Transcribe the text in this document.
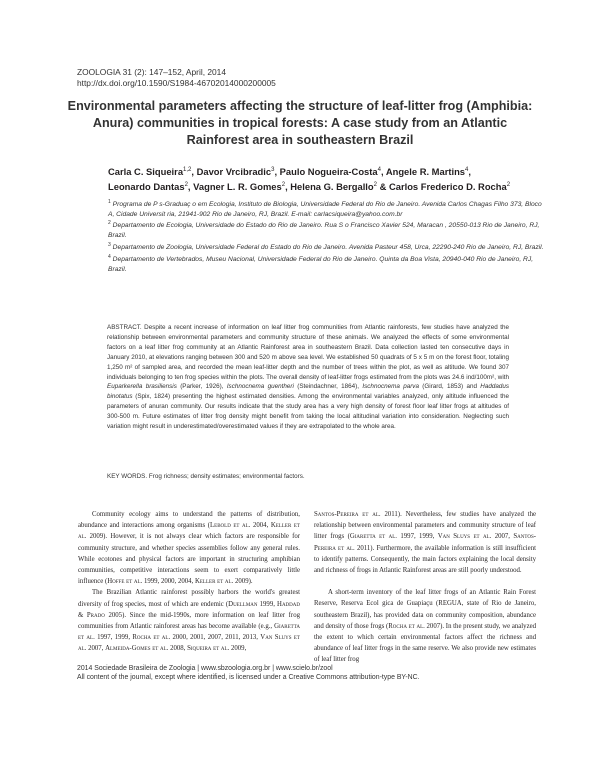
ZOOLOGIA 31 (2): 147–152, April, 2014
http://dx.doi.org/10.1590/S1984-46702014000200005
Environmental parameters affecting the structure of leaf-litter frog (Amphibia: Anura) communities in tropical forests: A case study from an Atlantic Rainforest area in southeastern Brazil
Carla C. Siqueira$^{1,2}$, Davor Vrcibradic$^3$, Paulo Nogueira-Costa$^4$, Angele R. Martins$^4$, Leonardo Dantas$^2$, Vagner L. R. Gomes$^2$, Helena G. Bergallo$^2$ & Carlos Frederico D. Rocha$^2$

$^1$ Programa de P s-Graduaç o em Ecologia, Instituto de Biologia, Universidade Federal do Rio de Janeiro. Avenida Carlos Chagas Filho 373, Bloco A, Cidade Universit ria, 21941-902 Rio de Janeiro, RJ, Brazil. E-mail: carlacsiqueira@yahoo.com.br

$^2$ Departamento de Ecologia, Universidade do Estado do Rio de Janeiro. Rua S o Francisco Xavier 524, Maracan , 20550-013 Rio de Janeiro, RJ, Brazil.

$^3$ Departamento de Zoologia, Universidade Federal do Estado do Rio de Janeiro. Avenida Pasteur 458, Urca, 22290-240 Rio de Janeiro, RJ, Brazil.

$^4$ Departamento de Vertebrados, Museu Nacional, Universidade Federal do Rio de Janeiro. Quinta da Boa Vista, 20940-040 Rio de Janeiro, RJ, Brazil.

ABSTRACT. Despite a recent increase of information on leaf litter frog communities from Atlantic rainforests, few studies have analyzed the relationship between environmental parameters and community structure of these animals. We analyzed the effects of some environmental factors on a leaf litter frog community at an Atlantic Rainforest area in southeastern Brazil. Data collection lasted ten consecutive days in January 2010, at elevations ranging between 300 and 520 m above sea level. We established 50 quadrats of 5 x 5 m on the forest floor, totaling 1,250 m² of sampled area, and recorded the mean leaf-litter depth and the number of trees within the plot, as well as altitude. We found 307 individuals belonging to ten frog species within the plots. The overall density of leaf-litter frogs estimated from the plots was 24.6 ind/100m², with Euparkerella brasiliensis (Parker, 1926), Ischnocnema guentheri (Steindachner, 1864), Ischnocnema parva (Girard, 1853) and Haddadus binotatus (Spix, 1824) presenting the highest estimated densities. Among the environmental variables analyzed, only altitude influenced the parameters of anuran community. Our results indicate that the study area has a very high density of forest floor leaf litter frogs at altitudes of 300-500 m. Future estimates of litter frog density might benefit from taking the local altitudinal variation into consideration. Neglecting such variation might result in underestimated/overestimated values if they are extrapolated to the whole area.

KEY WORDS. Frog richness; density estimates; environmental factors.

Community ecology aims to understand the patterns of distribution, abundance and interactions among organisms (Lebold et al. 2004, Keller et al. 2009). However, it is not always clear which factors are responsible for community structure, and whether species assemblies follow any general rules. While ecotones and physical factors are important in structuring amphibian communities, competitive interactions seem to exert comparatively little influence (Hoffe et al. 1999, 2000, 2004, Keller et al. 2009).

The Brazilian Atlantic rainforest possibly harbors the world's greatest diversity of frog species, most of which are endemic (Duellman 1999, Haddad & Prado 2005). Since the mid-1990s, more information on leaf litter frog communities from Atlantic rainforest areas has become available (e.g., Giaretta et al. 1997, 1999, Rocha et al. 2000, 2001, 2007, 2011, 2013, Van Sluys et al. 2007, Almeida-Gomes et al. 2008, Siqueira et al. 2009,

Santos-Pereira et al. 2011). Nevertheless, few studies have analyzed the relationship between environmental parameters and community structure of leaf litter frogs (Giaretta et al. 1997, 1999, Van Sluys et al. 2007, Santos-Pereira et al. 2011). Furthermore, the available information is still insufficient to identify patterns. Consequently, the main factors explaining the local density and richness of frogs in Atlantic Rainforest areas are still poorly understood.

A short-term inventory of the leaf litter frogs of an Atlantic Rain Forest Reserve, Reserva Ecol gica de Guapiaçu (REGUA, state of Rio de Janeiro, southeastern Brazil), has provided data on community composition, abundance and density of those frogs (Rocha et al. 2007). In the present study, we analyzed the extent to which certain environmental factors affect the richness and abundance of leaf litter frogs in the same reserve. We also provide new estimates of leaf litter frog

2014 Sociedade Brasileira de Zoologia | www.sbzoologia.org.br | www.scielo.br/zool
All content of the journal, except where identified, is licensed under a Creative Commons attribution-type BY-NC.
